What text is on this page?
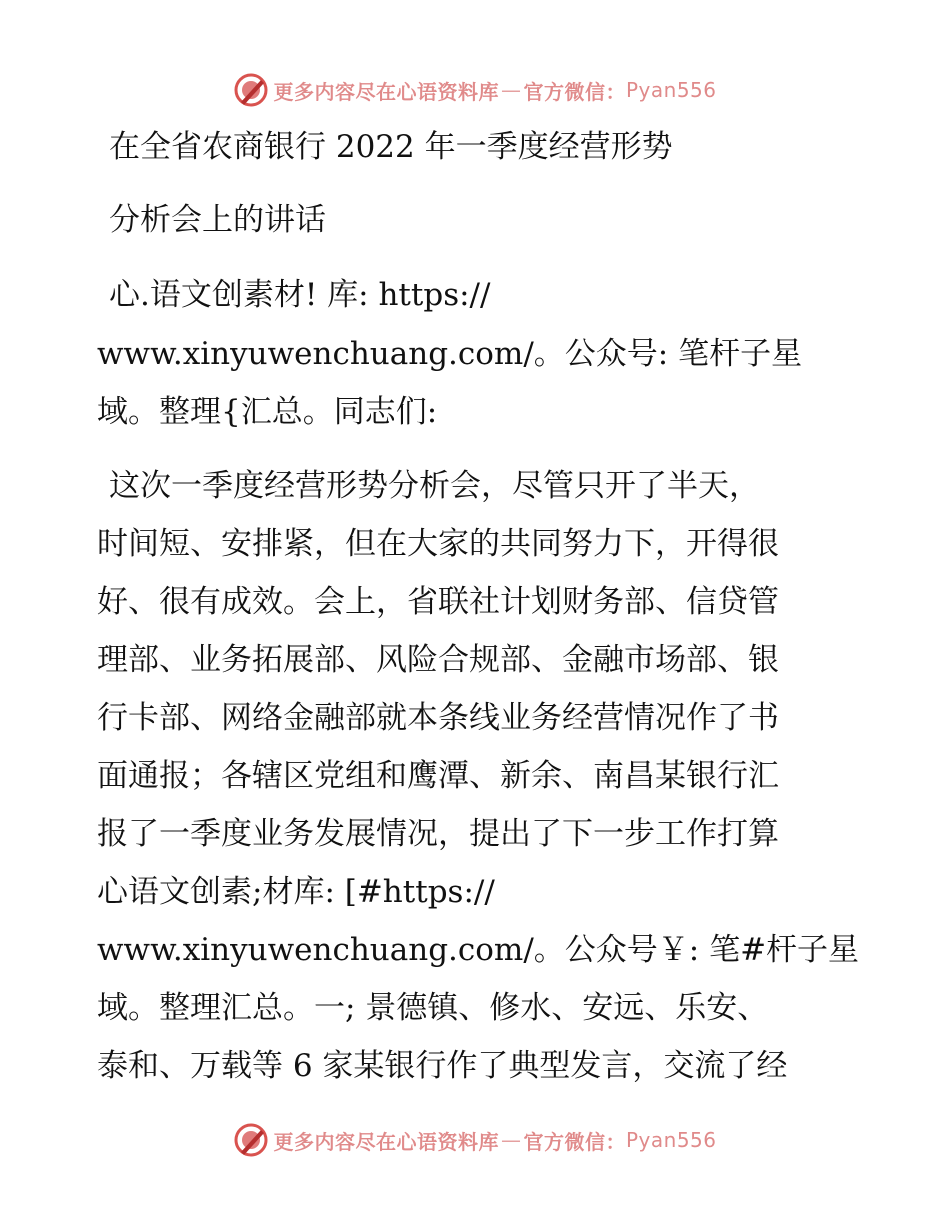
更多内容尽在心语资料库 — 官方微信： Pyan556
在全省农商银行 2022 年一季度经营形势
分析会上的讲话
心.语文创素材! 库: https://
www.xinyuwenchuang.com/。公众号: 笔杆子星
域。整理{汇总。同志们:
这次一季度经营形势分析会，尽管只开了半天，
时间短、安排紧，但在大家的共同努力下，开得很
好、很有成效。会上，省联社计划财务部、信贷管
理部、业务拓展部、风险合规部、金融市场部、银
行卡部、网络金融部就本条线业务经营情况作了书
面通报；各辖区党组和鹰潭、新余、南昌某银行汇
报了一季度业务发展情况，提出了下一步工作打算
心语文创素;材库: [#https://
www.xinyuwenchuang.com/。公众号￥: 笔#杆子星
域。整理汇总。一; 景德镇、修水、安远、乐安、
泰和、万载等 6 家某银行作了典型发言，交流了经
更多内容尽在心语资料库 — 官方微信： Pyan556
